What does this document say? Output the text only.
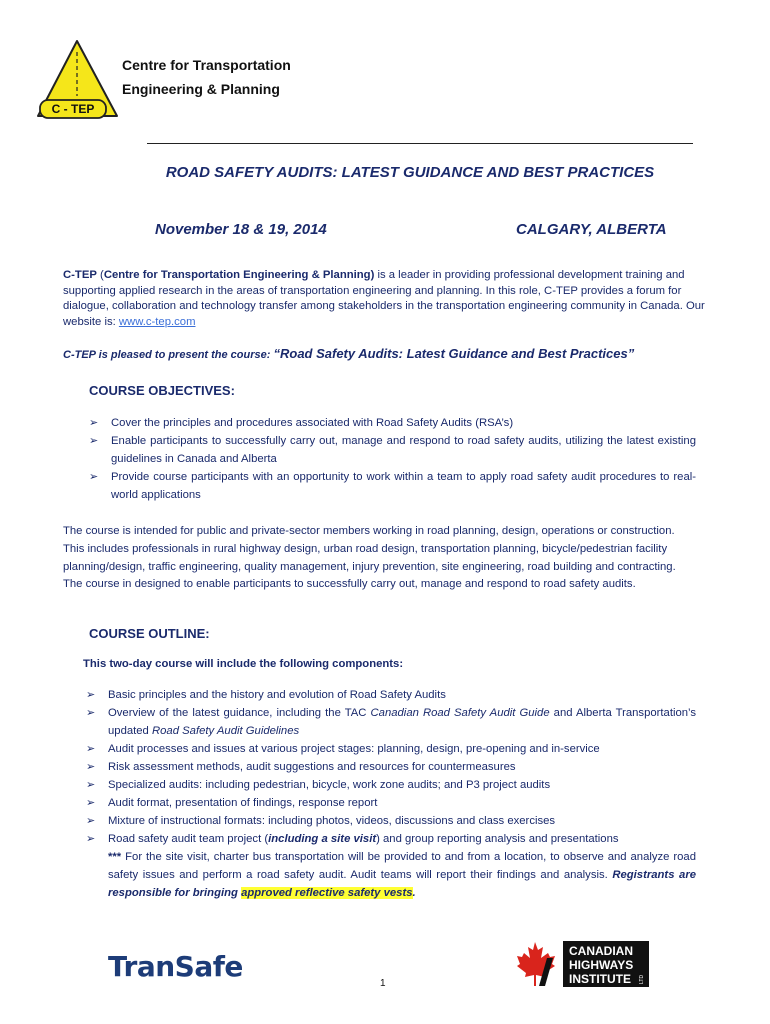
C - TEP
Centre for Transportation
Engineering & Planning
ROAD SAFETY AUDITS: LATEST GUIDANCE AND BEST PRACTICES
November 18 & 19, 2014	CALGARY, ALBERTA
C-TEP (Centre for Transportation Engineering & Planning) is a leader in providing professional development training and supporting applied research in the areas of transportation engineering and planning. In this role, C-TEP provides a forum for dialogue, collaboration and technology transfer among stakeholders in the transportation engineering community in Canada. Our website is: www.c-tep.com
C-TEP is pleased to present the course: “Road Safety Audits: Latest Guidance and Best Practices”
COURSE OBJECTIVES:
➢ Cover the principles and procedures associated with Road Safety Audits (RSA’s)
➢ Enable participants to successfully carry out, manage and respond to road safety audits, utilizing the latest existing guidelines in Canada and Alberta
➢ Provide course participants with an opportunity to work within a team to apply road safety audit procedures to real-world applications
The course is intended for public and private-sector members working in road planning, design, operations or construction. This includes professionals in rural highway design, urban road design, transportation planning, bicycle/pedestrian facility planning/design, traffic engineering, quality management, injury prevention, site engineering, road building and contracting. The course in designed to enable participants to successfully carry out, manage and respond to road safety audits.
COURSE OUTLINE:
This two-day course will include the following components:
➢ Basic principles and the history and evolution of Road Safety Audits
➢ Overview of the latest guidance, including the TAC Canadian Road Safety Audit Guide and Alberta Transportation’s updated Road Safety Audit Guidelines
➢ Audit processes and issues at various project stages: planning, design, pre-opening and in-service
➢ Risk assessment methods, audit suggestions and resources for countermeasures
➢ Specialized audits: including pedestrian, bicycle, work zone audits; and P3 project audits
➢ Audit format, presentation of findings, response report
➢ Mixture of instructional formats: including photos, videos, discussions and class exercises
➢ Road safety audit team project (including a site visit) and group reporting analysis and presentations
*** For the site visit, charter bus transportation will be provided to and from a location, to observe and analyze road safety issues and perform a road safety audit. Audit teams will report their findings and analysis. Registrants are responsible for bringing approved reflective safety vests.
TranSafe
1
CANADIAN
HIGHWAYS
INSTITUTE LTD
